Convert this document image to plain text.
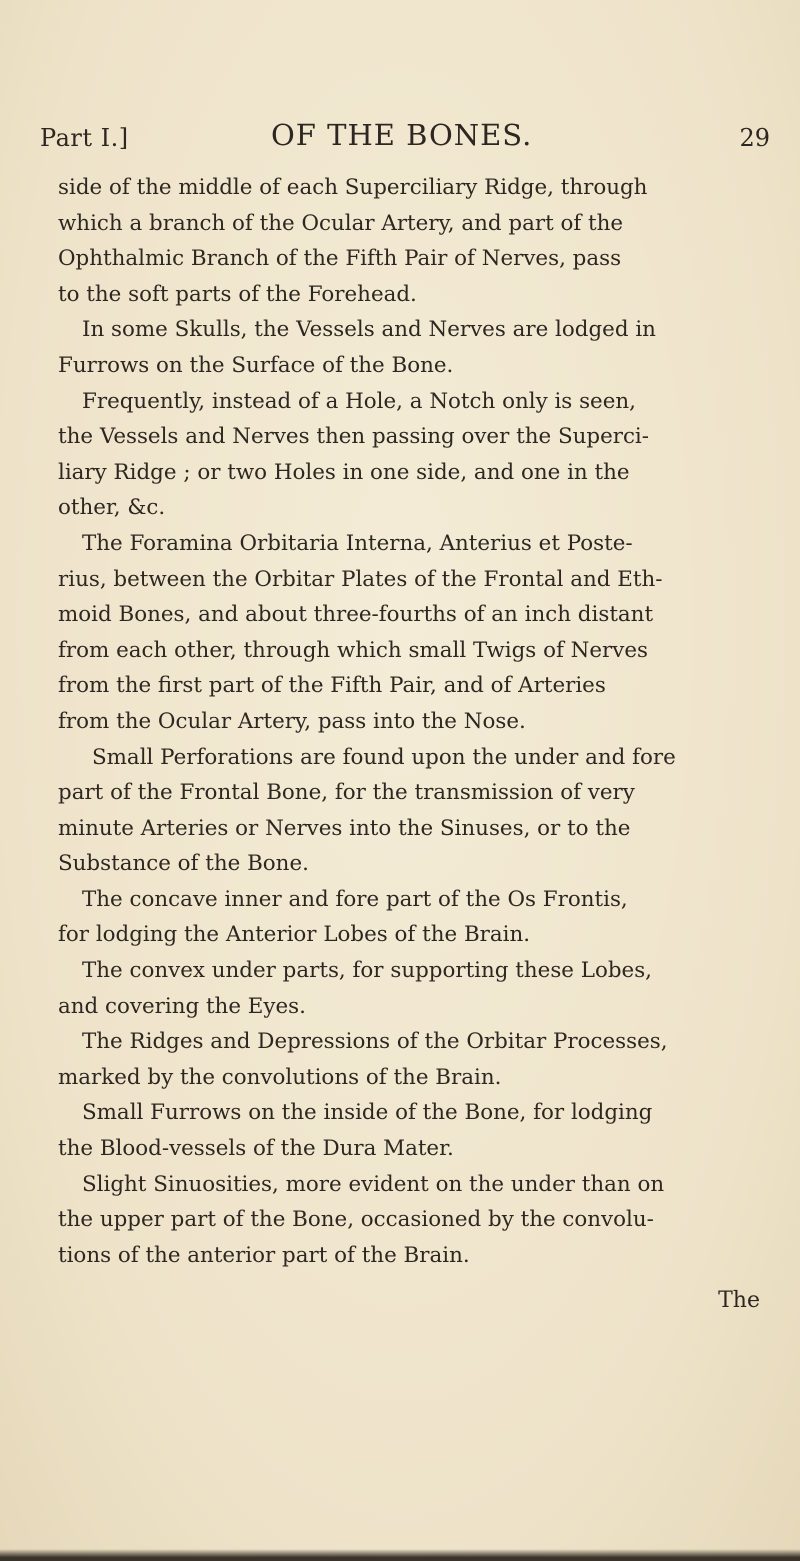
Part I.]	OF THE BONES.	29
side of the middle of each Superciliary Ridge, through
which a branch of the Ocular Artery, and part of the
Ophthalmic Branch of the Fifth Pair of Nerves, pass
to the soft parts of the Forehead.
In some Skulls, the Vessels and Nerves are lodged in
Furrows on the Surface of the Bone.
Frequently, instead of a Hole, a Notch only is seen,
the Vessels and Nerves then passing over the Superci-
liary Ridge ; or two Holes in one side, and one in the
other, &c.
The Foramina Orbitaria Interna, Anterius et Poste-
rius, between the Orbitar Plates of the Frontal and Eth-
moid Bones, and about three-fourths of an inch distant
from each other, through which small Twigs of Nerves
from the first part of the Fifth Pair, and of Arteries
from the Ocular Artery, pass into the Nose.
Small Perforations are found upon the under and fore
part of the Frontal Bone, for the transmission of very
minute Arteries or Nerves into the Sinuses, or to the
Substance of the Bone.
The concave inner and fore part of the Os Frontis,
for lodging the Anterior Lobes of the Brain.
The convex under parts, for supporting these Lobes,
and covering the Eyes.
The Ridges and Depressions of the Orbitar Processes,
marked by the convolutions of the Brain.
Small Furrows on the inside of the Bone, for lodging
the Blood-vessels of the Dura Mater.
Slight Sinuosities, more evident on the under than on
the upper part of the Bone, occasioned by the convolu-
tions of the anterior part of the Brain.
The
